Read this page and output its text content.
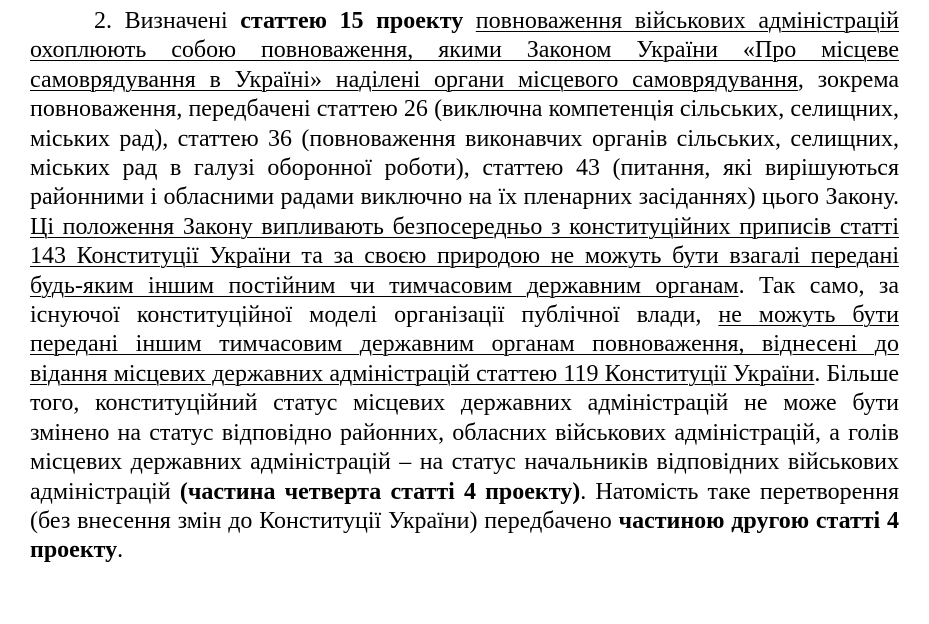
2. Визначені статтею 15 проекту повноваження військових адміністрацій охоплюють собою повноваження, якими Законом України «Про місцеве самоврядування в Україні» наділені органи місцевого самоврядування, зокрема повноваження, передбачені статтею 26 (виключна компетенція сільських, селищних, міських рад), статтею 36 (повноваження виконавчих органів сільських, селищних, міських рад в галузі оборонної роботи), статтею 43 (питання, які вирішуються районними і обласними радами виключно на їх пленарних засіданнях) цього Закону. Ці положення Закону випливають безпосередньо з конституційних приписів статті 143 Конституції України та за своєю природою не можуть бути взагалі передані будь-яким іншим постійним чи тимчасовим державним органам. Так само, за існуючої конституційної моделі організації публічної влади, не можуть бути передані іншим тимчасовим державним органам повноваження, віднесені до відання місцевих державних адміністрацій статтею 119 Конституції України. Більше того, конституційний статус місцевих державних адміністрацій не може бути змінено на статус відповідно районних, обласних військових адміністрацій, а голів місцевих державних адміністрацій – на статус начальників відповідних військових адміністрацій (частина четверта статті 4 проекту). Натомість таке перетворення (без внесення змін до Конституції України) передбачено частиною другою статті 4 проекту.
